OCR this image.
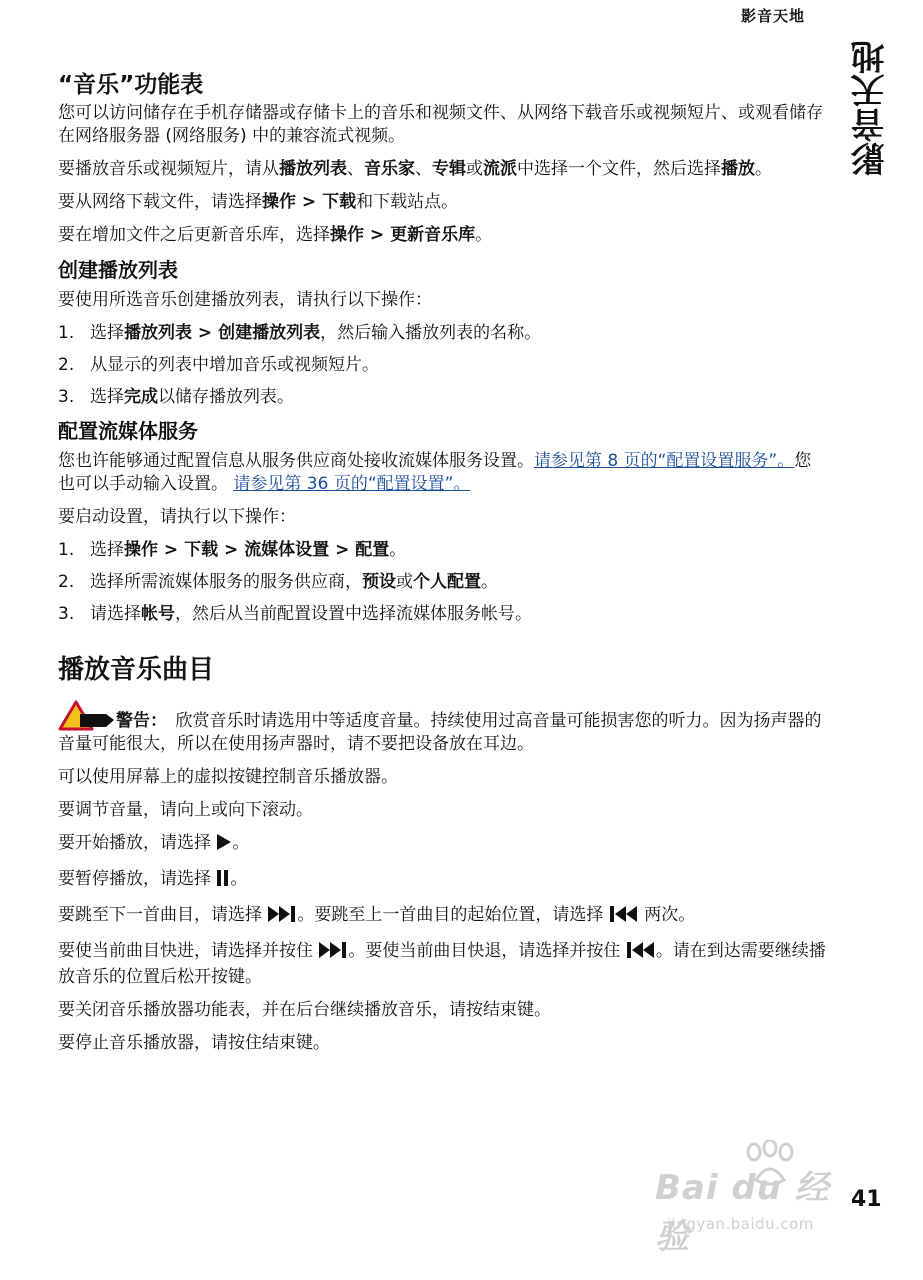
影音天地
影音天地
“音乐”功能表

您可以访问储存在手机存储器或存储卡上的音乐和视频文件、从网络下载音乐或视频短片、或观看储存在网络服务器 (网络服务) 中的兼容流式视频。

要播放音乐或视频短片，请从播放列表、音乐家、专辑或流派中选择一个文件，然后选择播放。

要从网络下载文件，请选择操作 > 下载和下载站点。

要在增加文件之后更新音乐库，选择操作 > 更新音乐库。

创建播放列表

要使用所选音乐创建播放列表，请执行以下操作：

1. 选择播放列表 > 创建播放列表，然后输入播放列表的名称。
2. 从显示的列表中增加音乐或视频短片。
3. 选择完成以储存播放列表。
配置流媒体服务

您也许能够通过配置信息从服务供应商处接收流媒体服务设置。请参见第 8 页的“配置设置服务”。您也可以手动输入设置。 请参见第 36 页的“配置设置”。

要启动设置，请执行以下操作：

1. 选择操作 > 下载 > 流媒体设置 > 配置。
2. 选择所需流媒体服务的服务供应商，预设或个人配置。
3. 请选择帐号，然后从当前配置设置中选择流媒体服务帐号。
播放音乐曲目

警告：　欣赏音乐时请选用中等适度音量。持续使用过高音量可能损害您的听力。因为扬声器的音量可能很大，所以在使用扬声器时，请不要把设备放在耳边。

可以使用屏幕上的虚拟按键控制音乐播放器。

要调节音量，请向上或向下滚动。

要开始播放，请选择 。

要暂停播放，请选择 。

要跳至下一首曲目，请选择 。要跳至上一首曲目的起始位置，请选择  两次。

要使当前曲目快进，请选择并按住 。要使当前曲目快退，请选择并按住 。请在到达需要继续播放音乐的位置后松开按键。

要关闭音乐播放器功能表，并在后台继续播放音乐，请按结束键。

要停止音乐播放器，请按住结束键。

Bai du 经验
jingyan.baidu.com
41
